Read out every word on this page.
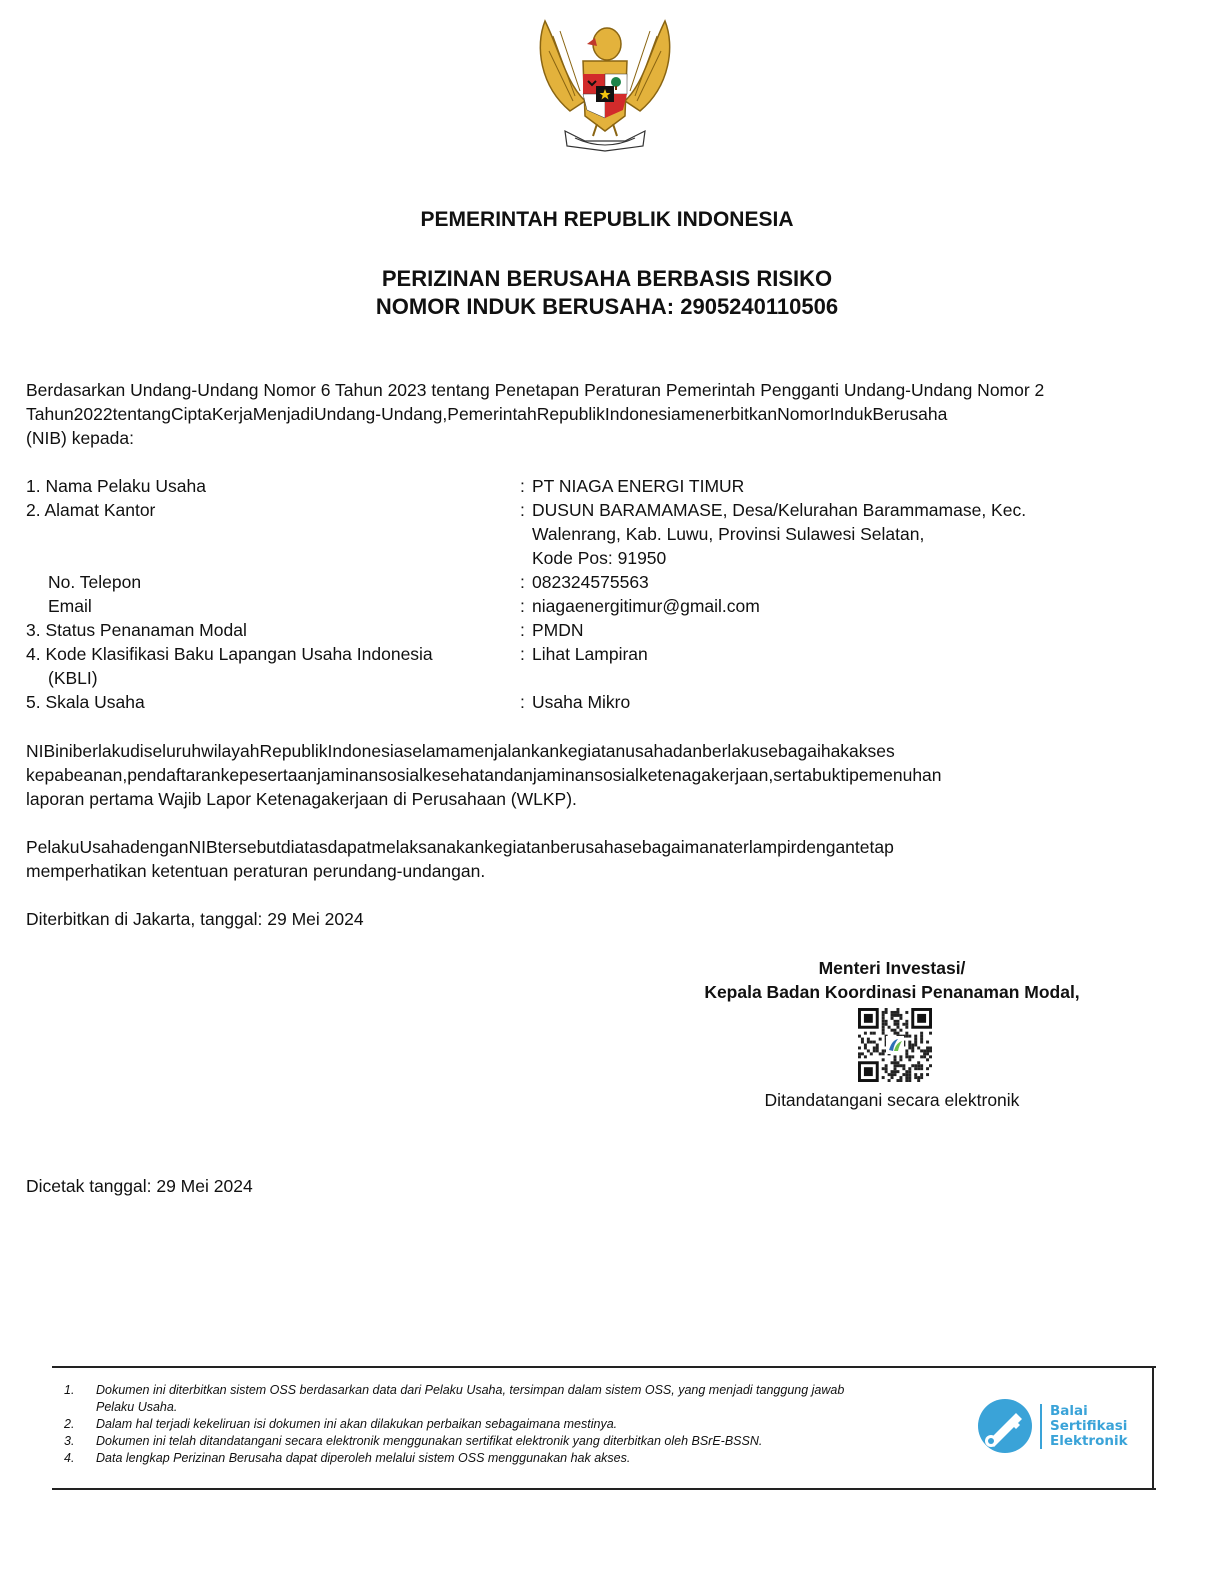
PEMERINTAH REPUBLIK INDONESIA
PERIZINAN BERUSAHA BERBASIS RISIKO
NOMOR INDUK BERUSAHA: 2905240110506
Berdasarkan Undang-Undang Nomor 6 Tahun 2023 tentang Penetapan Peraturan Pemerintah Pengganti Undang-Undang Nomor 2
Tahun2022tentangCiptaKerjaMenjadiUndang-Undang,PemerintahRepublikIndonesiamenerbitkanNomorIndukBerusaha
(NIB) kepada:
1. Nama Pelaku Usaha	: PT NIAGA ENERGI TIMUR
2. Alamat Kantor	: DUSUN BARAMAMASE, Desa/Kelurahan Barammamase, Kec.
Walenrang, Kab. Luwu, Provinsi Sulawesi Selatan,
Kode Pos: 91950
No. Telepon	: 082324575563
Email	: niagaenergitimur@gmail.com
3. Status Penanaman Modal	: PMDN
4. Kode Klasifikasi Baku Lapangan Usaha Indonesia
(KBLI)
: Lihat Lampiran
5. Skala Usaha	: Usaha Mikro
NIBiniberlakudiseluruhwilayahRepublikIndonesiaselamamenjalankankegiatanusahadanberlakusebagaihakakses
kepabeanan,pendaftarankepesertaanjaminansosialkesehatandanjaminansosialketenagakerjaan,sertabuktipemenuhan
laporan pertama Wajib Lapor Ketenagakerjaan di Perusahaan (WLKP).
PelakuUsahadenganNIBtersebutdiatasdapatmelaksanakankegiatanberusahasebagaimanaterlampirdengantetap
memperhatikan ketentuan peraturan perundang-undangan.
Diterbitkan di Jakarta, tanggal: 29 Mei 2024
Menteri Investasi/
Kepala Badan Koordinasi Penanaman Modal,
Ditandatangani secara elektronik
Dicetak tanggal: 29 Mei 2024
1.	Dokumen ini diterbitkan sistem OSS berdasarkan data dari Pelaku Usaha, tersimpan dalam sistem OSS, yang menjadi tanggung jawab
Pelaku Usaha.
2.	Dalam hal terjadi kekeliruan isi dokumen ini akan dilakukan perbaikan sebagaimana mestinya.
3.	Dokumen ini telah ditandatangani secara elektronik menggunakan sertifikat elektronik yang diterbitkan oleh BSrE-BSSN.
4.	Data lengkap Perizinan Berusaha dapat diperoleh melalui sistem OSS menggunakan hak akses.
Balai
Sertifikasi
Elektronik
